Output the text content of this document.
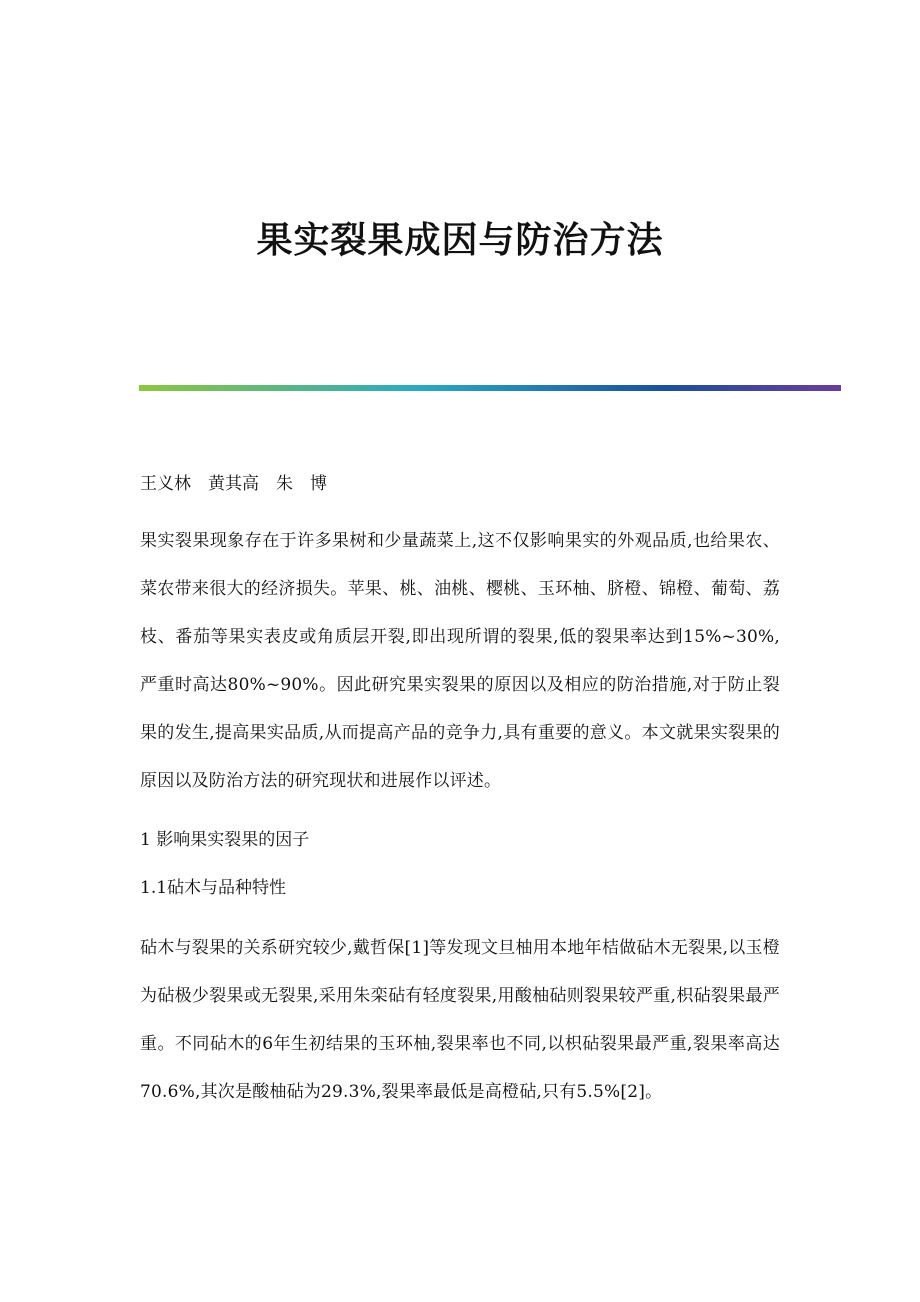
果实裂果成因与防治方法

王义林　黄其高　朱　博

果实裂果现象存在于许多果树和少量蔬菜上,这不仅影响果实的外观品质,也给果农、菜农带来很大的经济损失。苹果、桃、油桃、樱桃、玉环柚、脐橙、锦橙、葡萄、荔枝、番茄等果实表皮或角质层开裂,即出现所谓的裂果,低的裂果率达到15%~30%,严重时高达80%~90%。因此研究果实裂果的原因以及相应的防治措施,对于防止裂果的发生,提高果实品质,从而提高产品的竞争力,具有重要的意义。本文就果实裂果的原因以及防治方法的研究现状和进展作以评述。

1 影响果实裂果的因子

1.1砧木与品种特性

砧木与裂果的关系研究较少,戴哲保[1]等发现文旦柚用本地年桔做砧木无裂果,以玉橙为砧极少裂果或无裂果,采用朱栾砧有轻度裂果,用酸柚砧则裂果较严重,枳砧裂果最严重。不同砧木的6年生初结果的玉环柚,裂果率也不同,以枳砧裂果最严重,裂果率高达70.6%,其次是酸柚砧为29.3%,裂果率最低是高橙砧,只有5.5%[2]。
